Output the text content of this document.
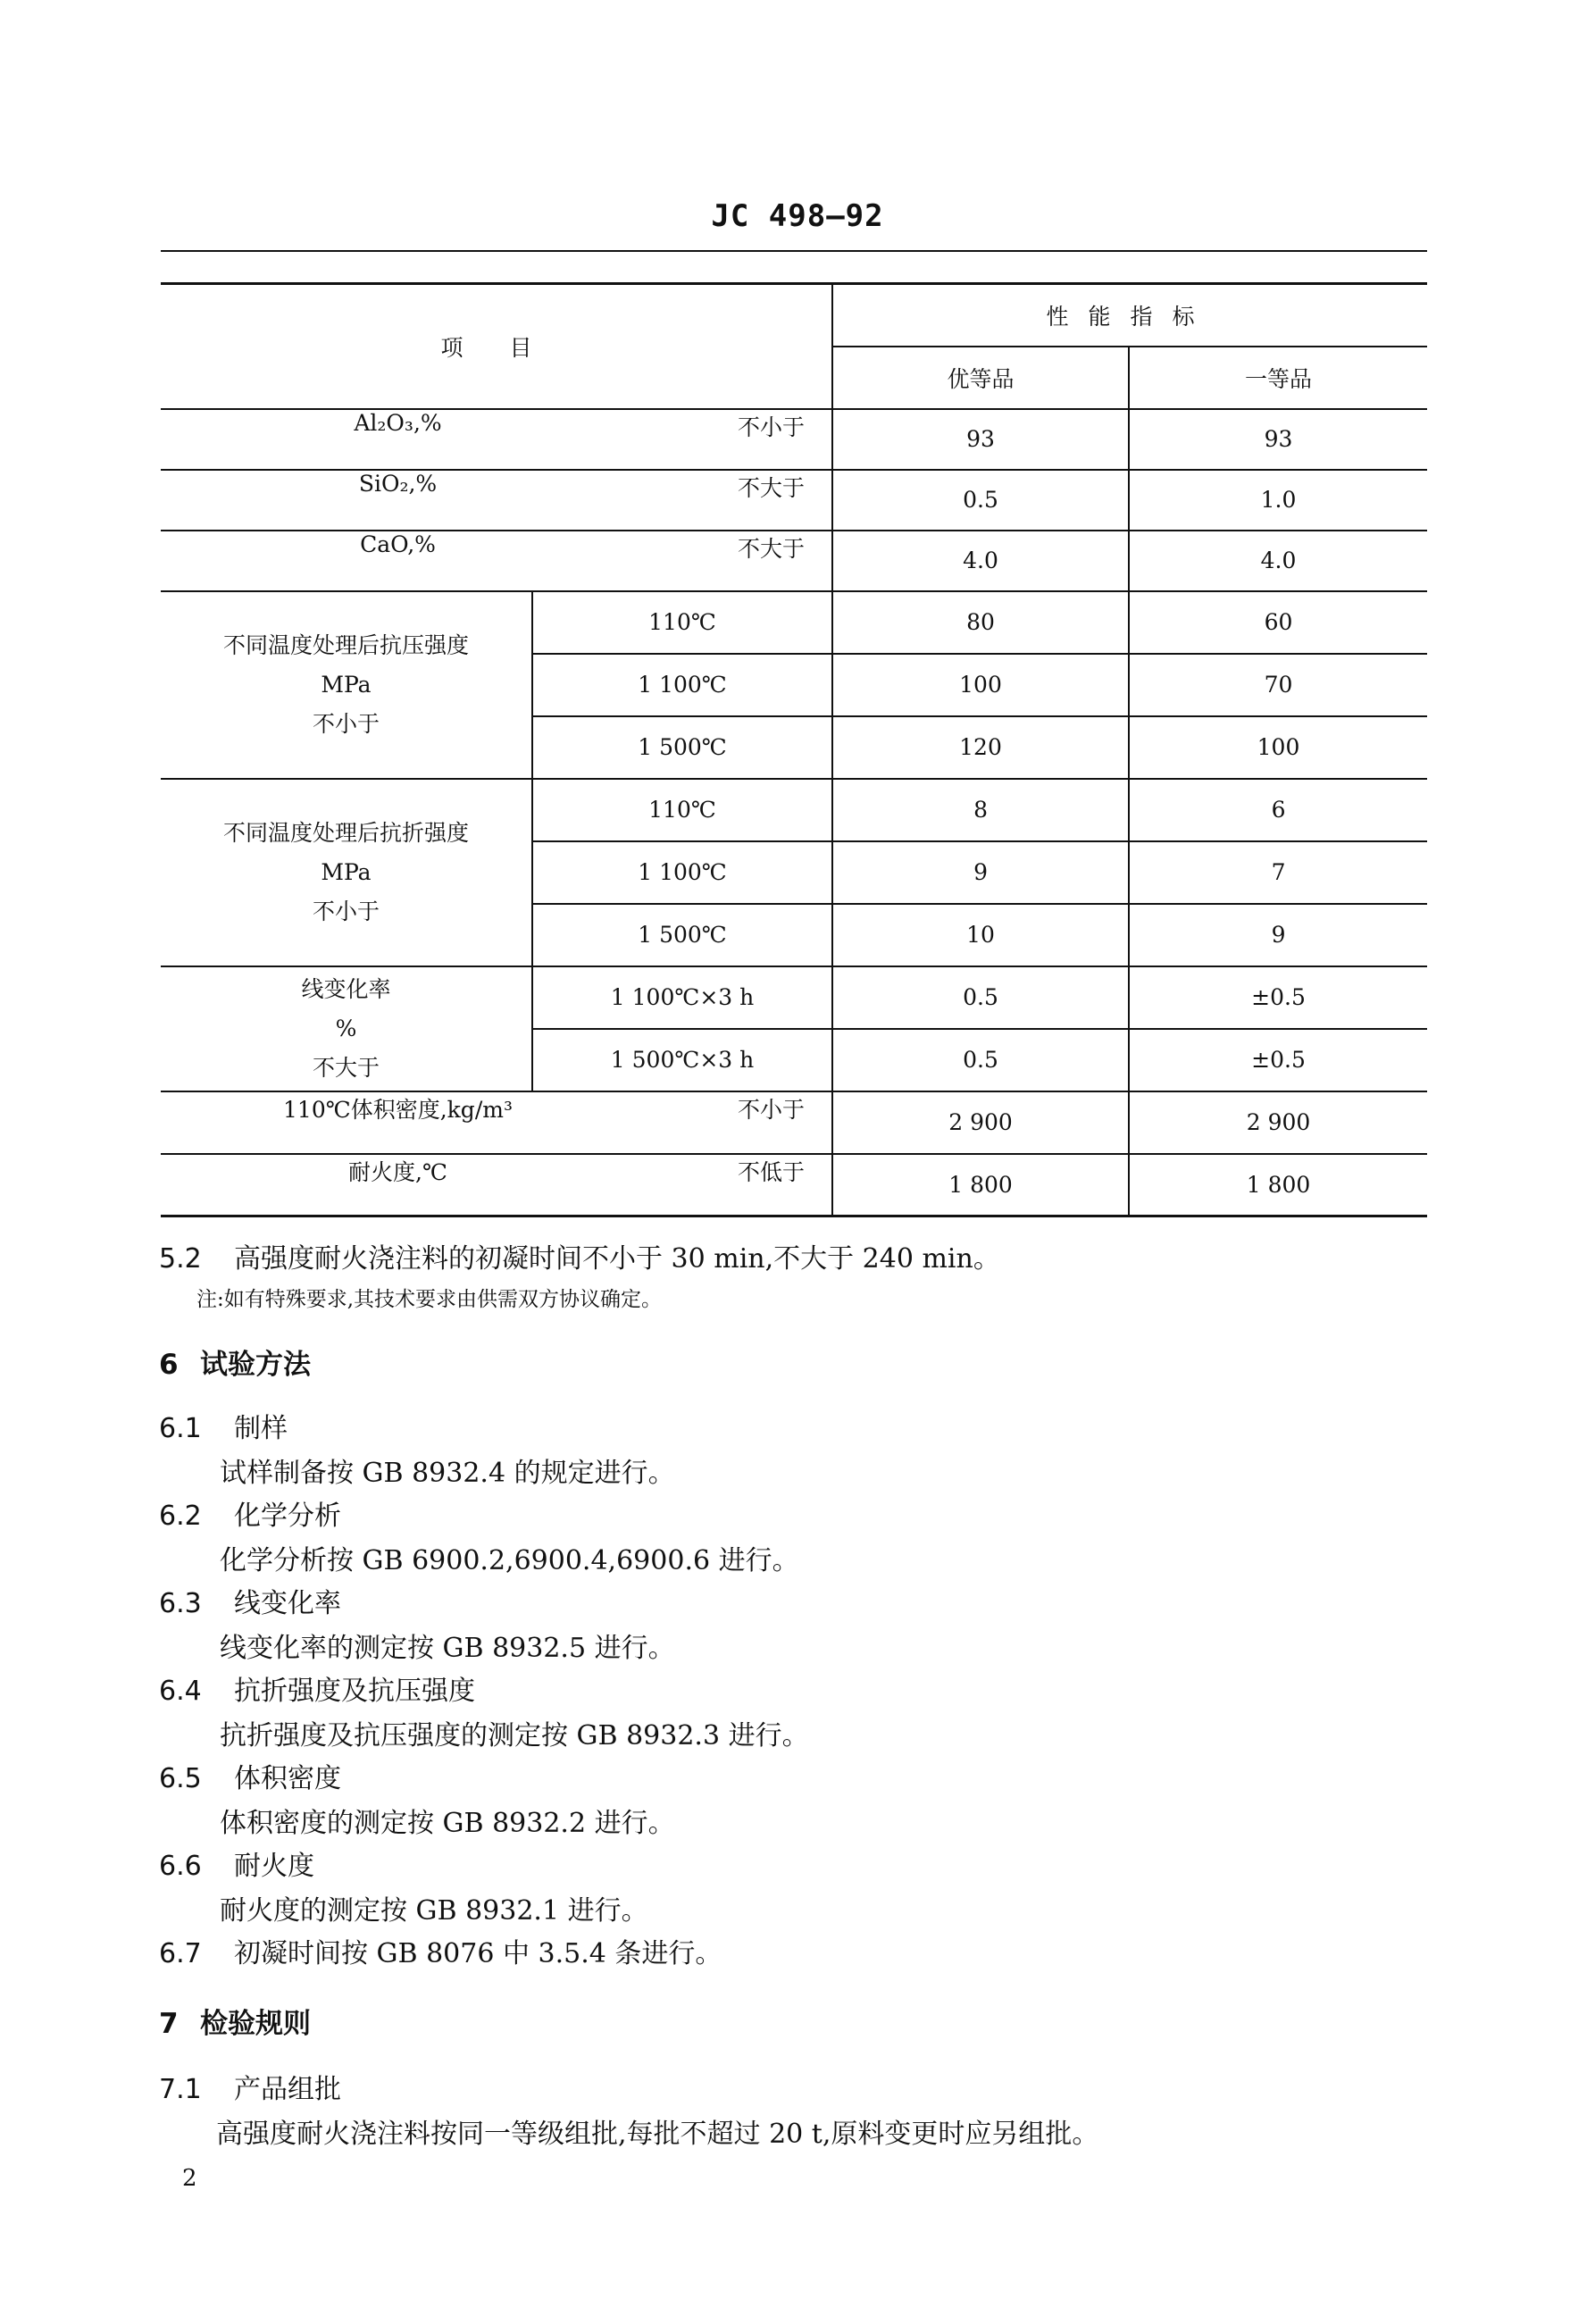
JC 498—92
项 目		性能指标	
		优等品	一等品

Al₂O₃,% 不小于		93	93

SiO₂,% 不大于		0.5	1.0

CaO,% 不大于		4.0	4.0

不同温度处理后抗压强度
MPa
不小于	110℃	80	60
	1 100℃	100	70
	1 500℃	120	100

不同温度处理后抗折强度
MPa
不小于	110℃	8	6
	1 100℃	9	7
	1 500℃	10	9

线变化率
%
不大于	1 100℃×3 h	0.5	±0.5
	1 500℃×3 h	0.5	±0.5

110℃体积密度,kg/m³ 不小于		2 900	2 900

耐火度,℃ 不低于		1 800	1 800
5.2 高强度耐火浇注料的初凝时间不小于 30 min,不大于 240 min。
注:如有特殊要求,其技术要求由供需双方协议确定。
6 试验方法
6.1 制样
试样制备按 GB 8932.4 的规定进行。
6.2 化学分析
化学分析按 GB 6900.2,6900.4,6900.6 进行。
6.3 线变化率
线变化率的测定按 GB 8932.5 进行。
6.4 抗折强度及抗压强度
抗折强度及抗压强度的测定按 GB 8932.3 进行。
6.5 体积密度
体积密度的测定按 GB 8932.2 进行。
6.6 耐火度
耐火度的测定按 GB 8932.1 进行。
6.7 初凝时间按 GB 8076 中 3.5.4 条进行。
7 检验规则
7.1 产品组批
高强度耐火浇注料按同一等级组批,每批不超过 20 t,原料变更时应另组批。
2
